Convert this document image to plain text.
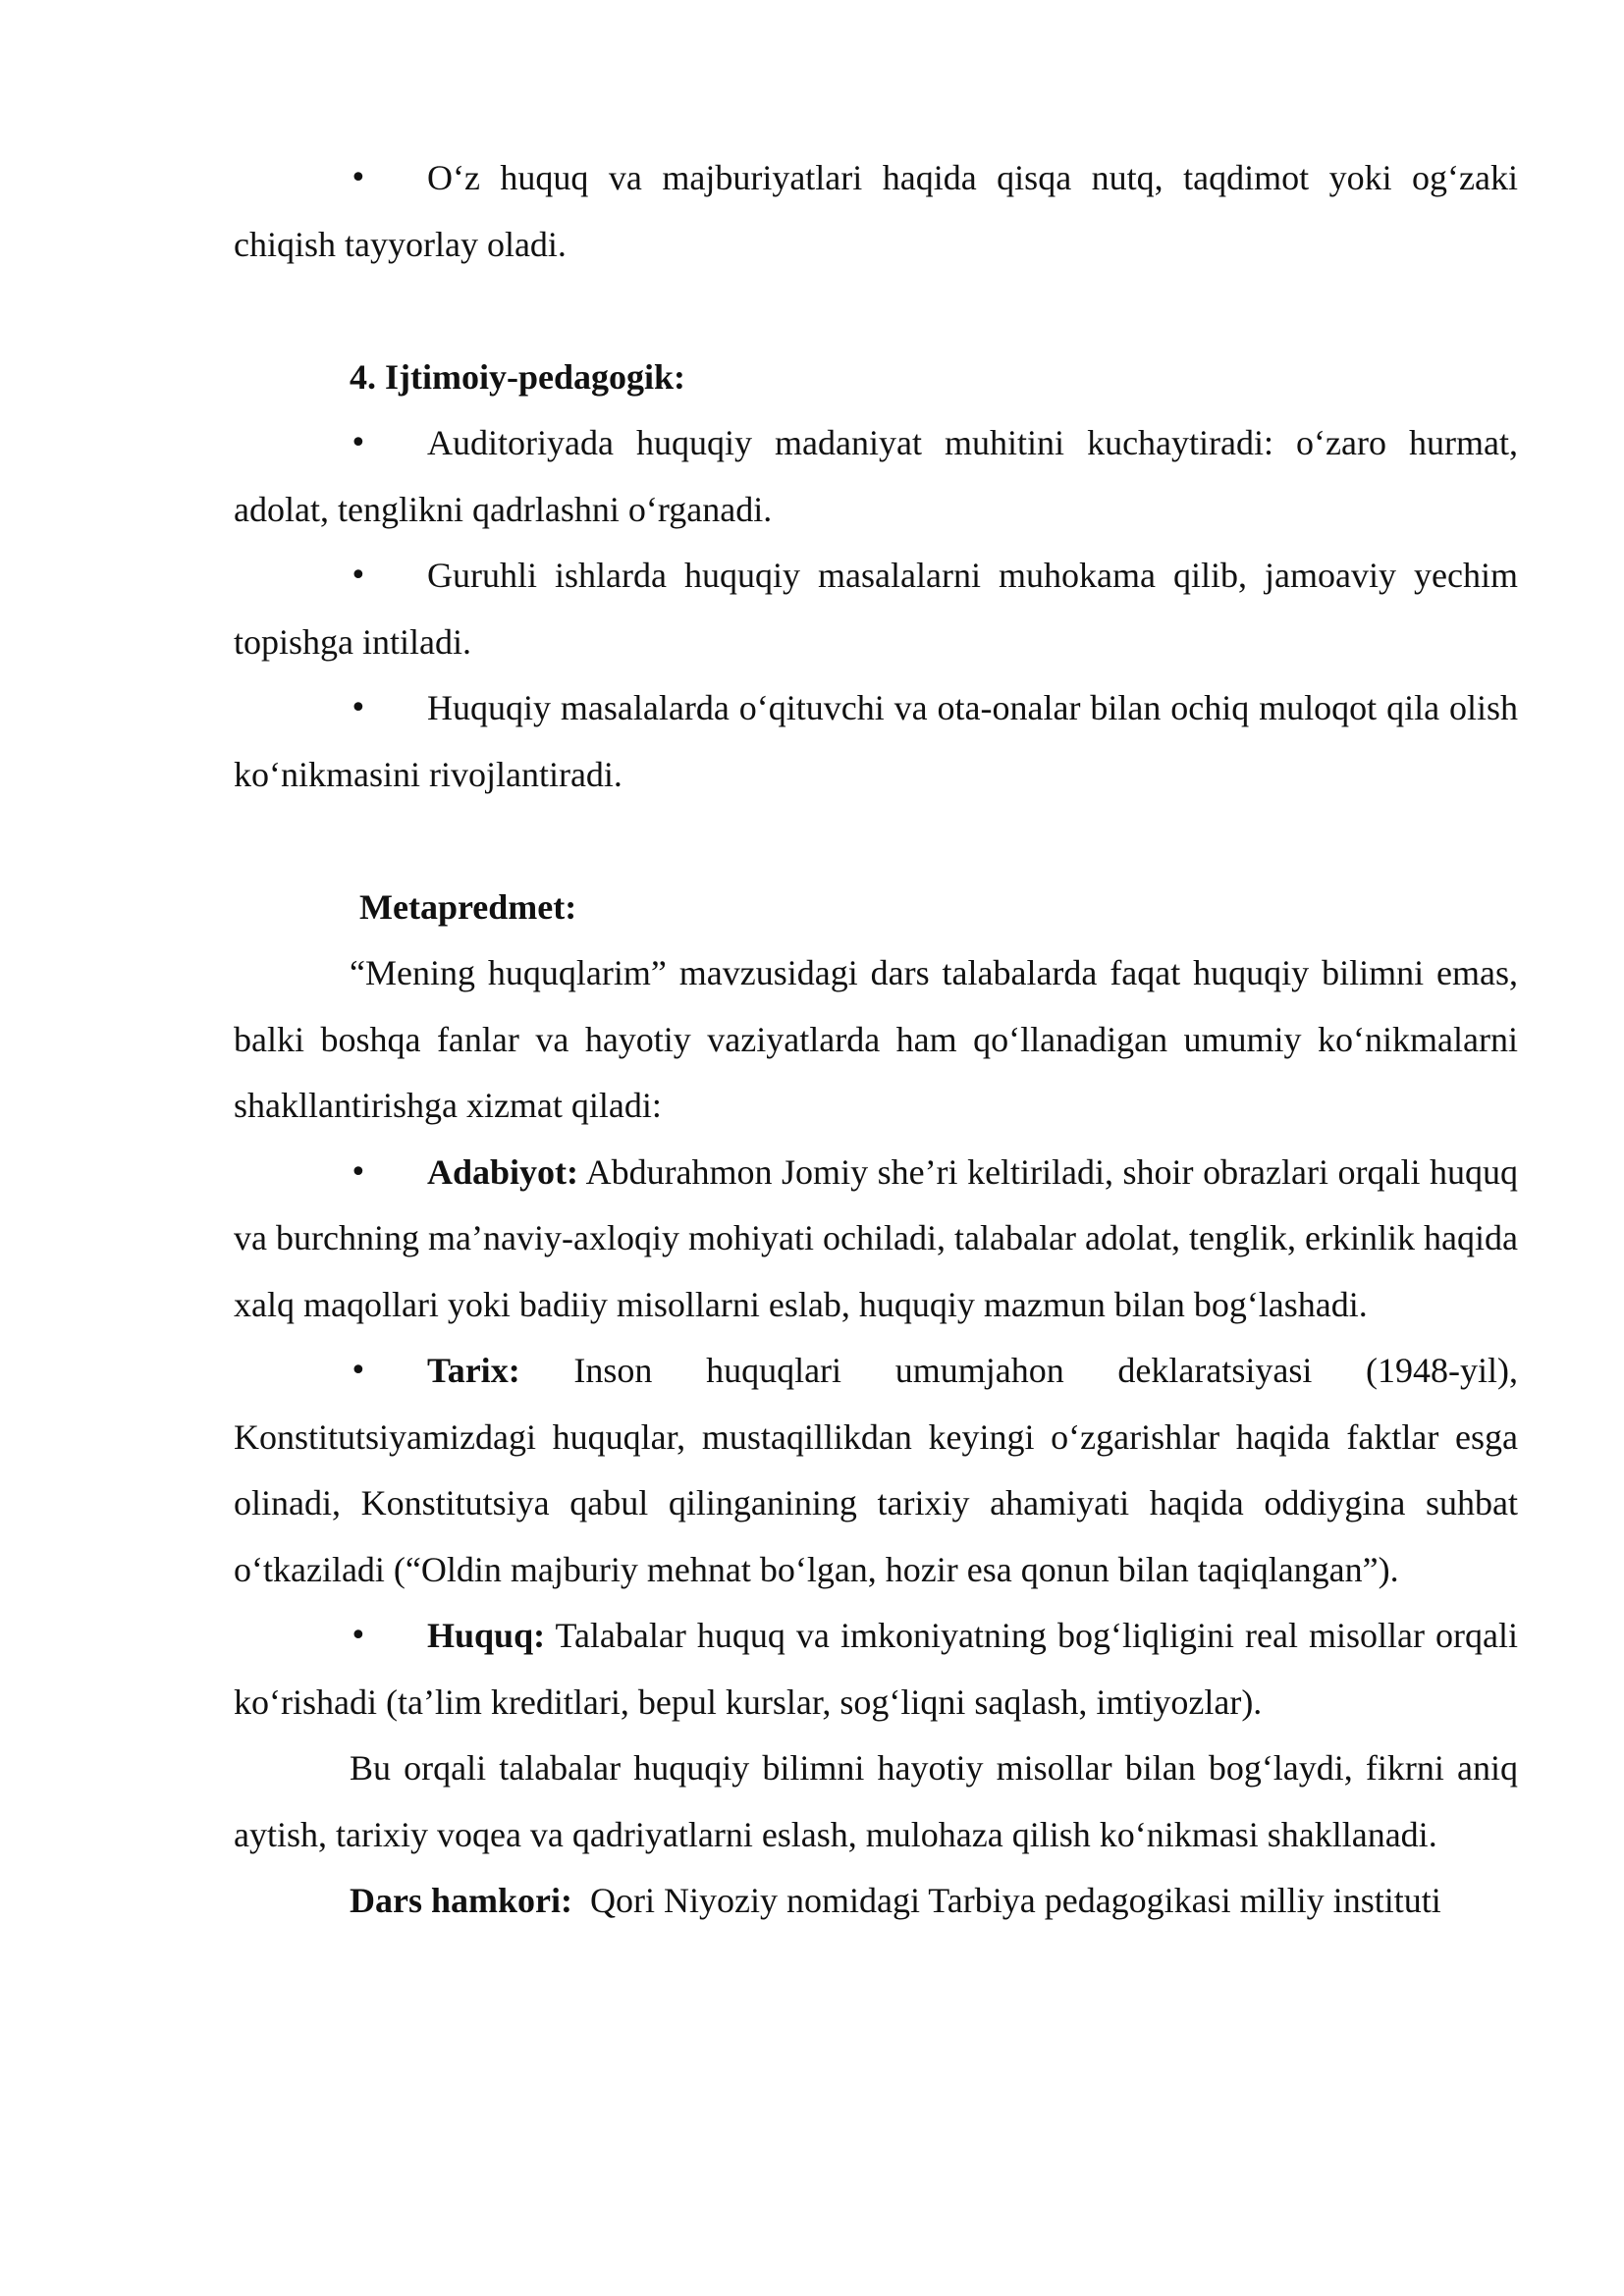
• O‘z huquq va majburiyatlari haqida qisqa nutq, taqdimot yoki og‘zaki chiqish tayyorlay oladi.

4. Ijtimoiy-pedagogik:

• Auditoriyada huquqiy madaniyat muhitini kuchaytiradi: o‘zaro hurmat, adolat, tenglikni qadrlashni o‘rganadi.

• Guruhli ishlarda huquqiy masalalarni muhokama qilib, jamoaviy yechim topishga intiladi.

• Huquqiy masalalarda o‘qituvchi va ota-onalar bilan ochiq muloqot qila olish ko‘nikmasini rivojlantiradi.

Metapredmet:

“Mening huquqlarim” mavzusidagi dars talabalarda faqat huquqiy bilimni emas, balki boshqa fanlar va hayotiy vaziyatlarda ham qo‘llanadigan umumiy ko‘nikmalarni shakllantirishga xizmat qiladi:

• Adabiyot: Abdurahmon Jomiy she’ri keltiriladi, shoir obrazlari orqali huquq va burchning ma’naviy-axloqiy mohiyati ochiladi, talabalar adolat, tenglik, erkinlik haqida xalq maqollari yoki badiiy misollarni eslab, huquqiy mazmun bilan bog‘lashadi.

• Tarix: Inson huquqlari umumjahon deklaratsiyasi (1948-yil), Konstitutsiyamizdagi huquqlar, mustaqillikdan keyingi o‘zgarishlar haqida faktlar esga olinadi, Konstitutsiya qabul qilinganining tarixiy ahamiyati haqida oddiygina suhbat o‘tkaziladi (“Oldin majburiy mehnat bo‘lgan, hozir esa qonun bilan taqiqlangan”).

• Huquq: Talabalar huquq va imkoniyatning bog‘liqligini real misollar orqali ko‘rishadi (ta’lim kreditlari, bepul kurslar, sog‘liqni saqlash, imtiyozlar).

Bu orqali talabalar huquqiy bilimni hayotiy misollar bilan bog‘laydi, fikrni aniq aytish, tarixiy voqea va qadriyatlarni eslash, mulohaza qilish ko‘nikmasi shakllanadi.

Dars hamkori:  Qori Niyoziy nomidagi Tarbiya pedagogikasi milliy instituti
